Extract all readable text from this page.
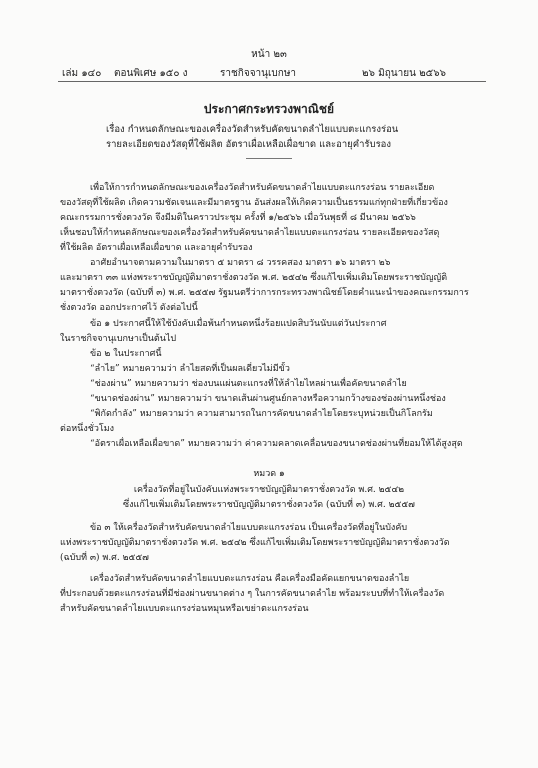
หน้า ๒๓
เล่ม ๑๔๐ ตอนพิเศษ ๑๕๐ ง	ราชกิจจานุเบกษา	๒๖ มิถุนายน ๒๕๖๖
ประกาศกระทรวงพาณิชย์
เรื่อง กำหนดลักษณะของเครื่องวัดสำหรับคัดขนาดลำไยแบบตะแกรงร่อน
รายละเอียดของวัสดุที่ใช้ผลิต อัตราเผื่อเหลือเผื่อขาด และอายุคำรับรอง
เพื่อให้การกำหนดลักษณะของเครื่องวัดสำหรับคัดขนาดลำไยแบบตะแกรงร่อน รายละเอียด
ของวัสดุที่ใช้ผลิต เกิดความชัดเจนและมีมาตรฐาน อันส่งผลให้เกิดความเป็นธรรมแก่ทุกฝ่ายที่เกี่ยวข้อง
คณะกรรมการชั่งตวงวัด จึงมีมติในคราวประชุม ครั้งที่ ๑/๒๕๖๖ เมื่อวันพุธที่ ๘ มีนาคม ๒๕๖๖
เห็นชอบให้กำหนดลักษณะของเครื่องวัดสำหรับคัดขนาดลำไยแบบตะแกรงร่อน รายละเอียดของวัสดุ
ที่ใช้ผลิต อัตราเผื่อเหลือเผื่อขาด และอายุคำรับรอง
อาศัยอำนาจตามความในมาตรา ๕ มาตรา ๘ วรรคสอง มาตรา ๑๖ มาตรา ๒๖
และมาตรา ๓๓ แห่งพระราชบัญญัติมาตราชั่งตวงวัด พ.ศ. ๒๕๔๒ ซึ่งแก้ไขเพิ่มเติมโดยพระราชบัญญัติ
มาตราชั่งตวงวัด (ฉบับที่ ๓) พ.ศ. ๒๕๕๗ รัฐมนตรีว่าการกระทรวงพาณิชย์โดยคำแนะนำของคณะกรรมการ
ชั่งตวงวัด ออกประกาศไว้ ดังต่อไปนี้
ข้อ ๑ ประกาศนี้ให้ใช้บังคับเมื่อพ้นกำหนดหนึ่งร้อยแปดสิบวันนับแต่วันประกาศ
ในราชกิจจานุเบกษาเป็นต้นไป
ข้อ ๒ ในประกาศนี้
“ลำไย” หมายความว่า ลำไยสดที่เป็นผลเดี่ยวไม่มีขั้ว
“ช่องผ่าน” หมายความว่า ช่องบนแผ่นตะแกรงที่ให้ลำไยไหลผ่านเพื่อคัดขนาดลำไย
“ขนาดช่องผ่าน” หมายความว่า ขนาดเส้นผ่านศูนย์กลางหรือความกว้างของช่องผ่านหนึ่งช่อง
“พิกัดกำลัง” หมายความว่า ความสามารถในการคัดขนาดลำไยโดยระบุหน่วยเป็นกิโลกรัม
ต่อหนึ่งชั่วโมง
“อัตราเผื่อเหลือเผื่อขาด” หมายความว่า ค่าความคลาดเคลื่อนของขนาดช่องผ่านที่ยอมให้ได้สูงสุด
หมวด ๑
เครื่องวัดที่อยู่ในบังคับแห่งพระราชบัญญัติมาตราชั่งตวงวัด พ.ศ. ๒๕๔๒
ซึ่งแก้ไขเพิ่มเติมโดยพระราชบัญญัติมาตราชั่งตวงวัด (ฉบับที่ ๓) พ.ศ. ๒๕๕๗
ข้อ ๓ ให้เครื่องวัดสำหรับคัดขนาดลำไยแบบตะแกรงร่อน เป็นเครื่องวัดที่อยู่ในบังคับ
แห่งพระราชบัญญัติมาตราชั่งตวงวัด พ.ศ. ๒๕๔๒ ซึ่งแก้ไขเพิ่มเติมโดยพระราชบัญญัติมาตราชั่งตวงวัด
(ฉบับที่ ๓) พ.ศ. ๒๕๕๗
เครื่องวัดสำหรับคัดขนาดลำไยแบบตะแกรงร่อน คือเครื่องมือคัดแยกขนาดของลำไย
ที่ประกอบด้วยตะแกรงร่อนที่มีช่องผ่านขนาดต่าง ๆ ในการคัดขนาดลำไย พร้อมระบบที่ทำให้เครื่องวัด
สำหรับคัดขนาดลำไยแบบตะแกรงร่อนหมุนหรือเขย่าตะแกรงร่อน
